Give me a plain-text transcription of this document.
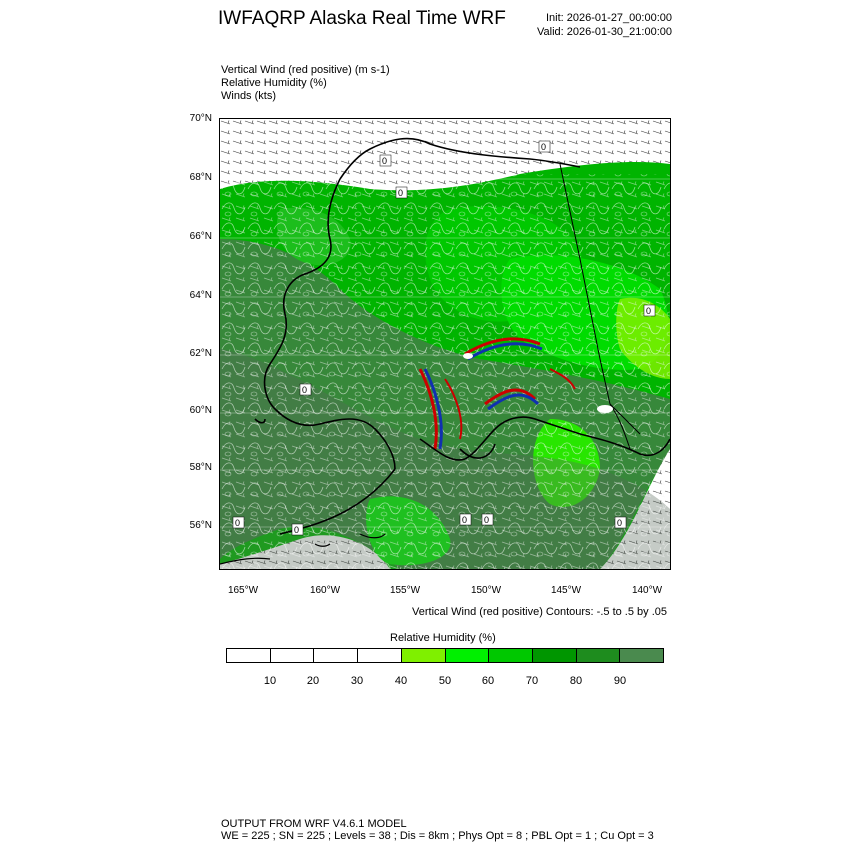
IWFAQRP Alaska Real Time WRF	Init: 2026-01-27_00:00:00
Valid: 2026-01-30_21:00:00
Vertical Wind (red positive) (m s-1)
Relative Humidity (%)
Winds (kts)
0
0
0
0
0
0
0 0
0
0
70°N
68°N
66°N
64°N
62°N
60°N
58°N
56°N
165°W	160°W	155°W	150°W	145°W	140°W
Vertical Wind (red positive) Contours: -.5 to .5 by .05
Relative Humidity (%)
10	20	30	40	50	60	70	80	90
OUTPUT FROM WRF V4.6.1 MODEL
WE = 225 ; SN = 225 ; Levels = 38 ; Dis = 8km ; Phys Opt = 8 ; PBL Opt = 1 ; Cu Opt = 3
